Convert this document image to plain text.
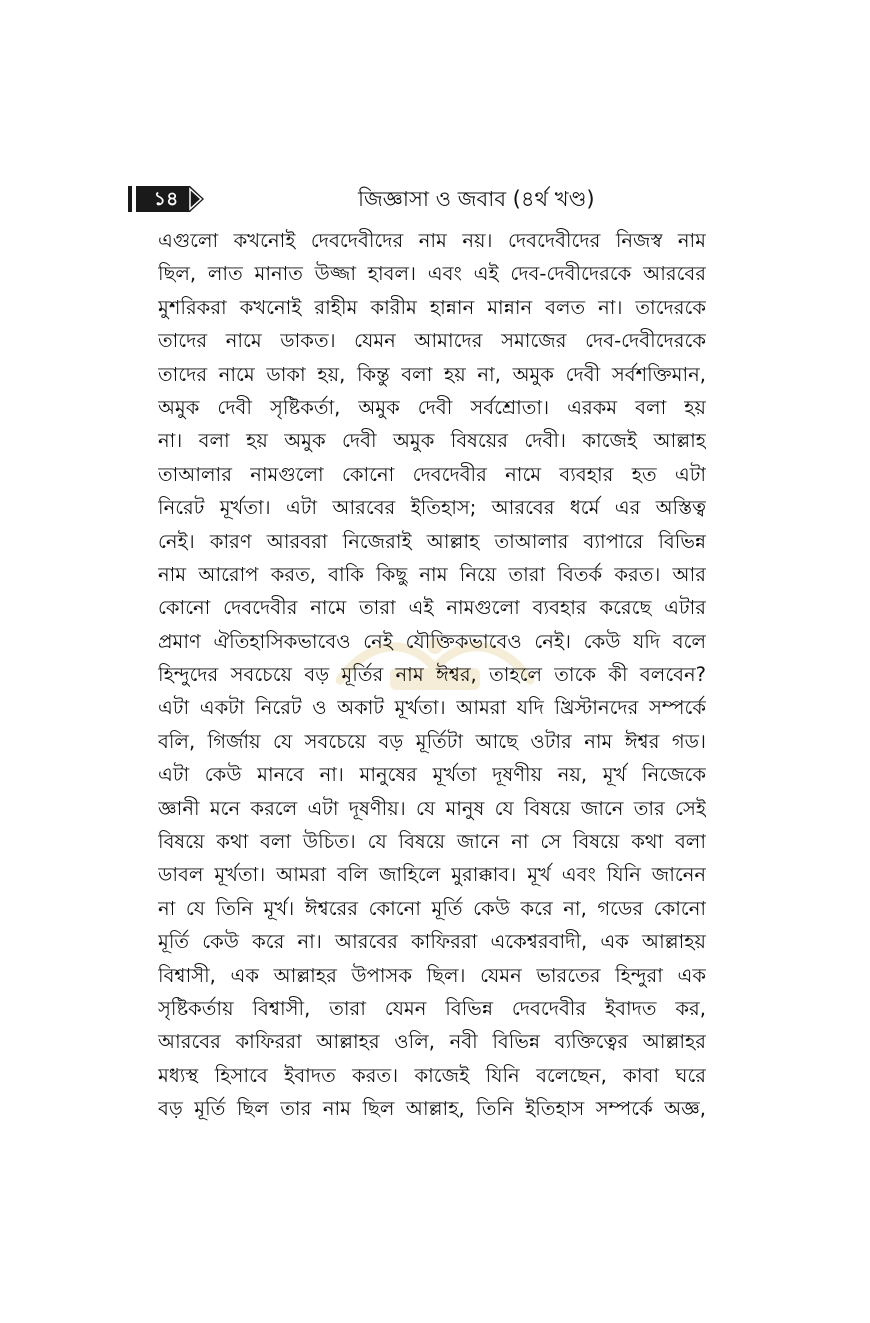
১৪	জিজ্ঞাসা ও জবাব (৪র্থ খণ্ড)
এগুলো কখনোই দেবদেবীদের নাম নয়। দেবদেবীদের নিজস্ব নাম
ছিল, লাত মানাত উজ্জা হাবল। এবং এই দেব-দেবীদেরকে আরবের
মুশরিকরা কখনোই রাহীম কারীম হান্নান মান্নান বলত না। তাদেরকে
তাদের নামে ডাকত। যেমন আমাদের সমাজের দেব-দেবীদেরকে
তাদের নামে ডাকা হয়, কিন্তু বলা হয় না, অমুক দেবী সর্বশক্তিমান,
অমুক দেবী সৃষ্টিকর্তা, অমুক দেবী সর্বশ্রোতা। এরকম বলা হয়
না। বলা হয় অমুক দেবী অমুক বিষয়ের দেবী। কাজেই আল্লাহ
তাআলার নামগুলো কোনো দেবদেবীর নামে ব্যবহার হত এটা
নিরেট মূর্খতা। এটা আরবের ইতিহাস; আরবের ধর্মে এর অস্তিত্ব
নেই। কারণ আরবরা নিজেরাই আল্লাহ তাআলার ব্যাপারে বিভিন্ন
নাম আরোপ করত, বাকি কিছু নাম নিয়ে তারা বিতর্ক করত। আর
কোনো দেবদেবীর নামে তারা এই নামগুলো ব্যবহার করেছে এটার
প্রমাণ ঐতিহাসিকভাবেও নেই যৌক্তিকভাবেও নেই। কেউ যদি বলে
হিন্দুদের সবচেয়ে বড় মূর্তির নাম ঈশ্বর, তাহলে তাকে কী বলবেন?
এটা একটা নিরেট ও অকাট মূর্খতা। আমরা যদি খ্রিস্টানদের সম্পর্কে
বলি, গির্জায় যে সবচেয়ে বড় মূর্তিটা আছে ওটার নাম ঈশ্বর গড।
এটা কেউ মানবে না। মানুষের মূর্খতা দূষণীয় নয়, মূর্খ নিজেকে
জ্ঞানী মনে করলে এটা দূষণীয়। যে মানুষ যে বিষয়ে জানে তার সেই
বিষয়ে কথা বলা উচিত। যে বিষয়ে জানে না সে বিষয়ে কথা বলা
ডাবল মূর্খতা। আমরা বলি জাহিলে মুরাক্কাব। মূর্খ এবং যিনি জানেন
না যে তিনি মূর্খ। ঈশ্বরের কোনো মূর্তি কেউ করে না, গডের কোনো
মূর্তি কেউ করে না। আরবের কাফিররা একেশ্বরবাদী, এক আল্লাহয়
বিশ্বাসী, এক আল্লাহর উপাসক ছিল। যেমন ভারতের হিন্দুরা এক
সৃষ্টিকর্তায় বিশ্বাসী, তারা যেমন বিভিন্ন দেবদেবীর ইবাদত কর,
আরবের কাফিররা আল্লাহর ওলি, নবী বিভিন্ন ব্যক্তিত্বের আল্লাহর
মধ্যস্থ হিসাবে ইবাদত করত। কাজেই যিনি বলেছেন, কাবা ঘরে
বড় মূর্তি ছিল তার নাম ছিল আল্লাহ, তিনি ইতিহাস সম্পর্কে অজ্ঞ,
